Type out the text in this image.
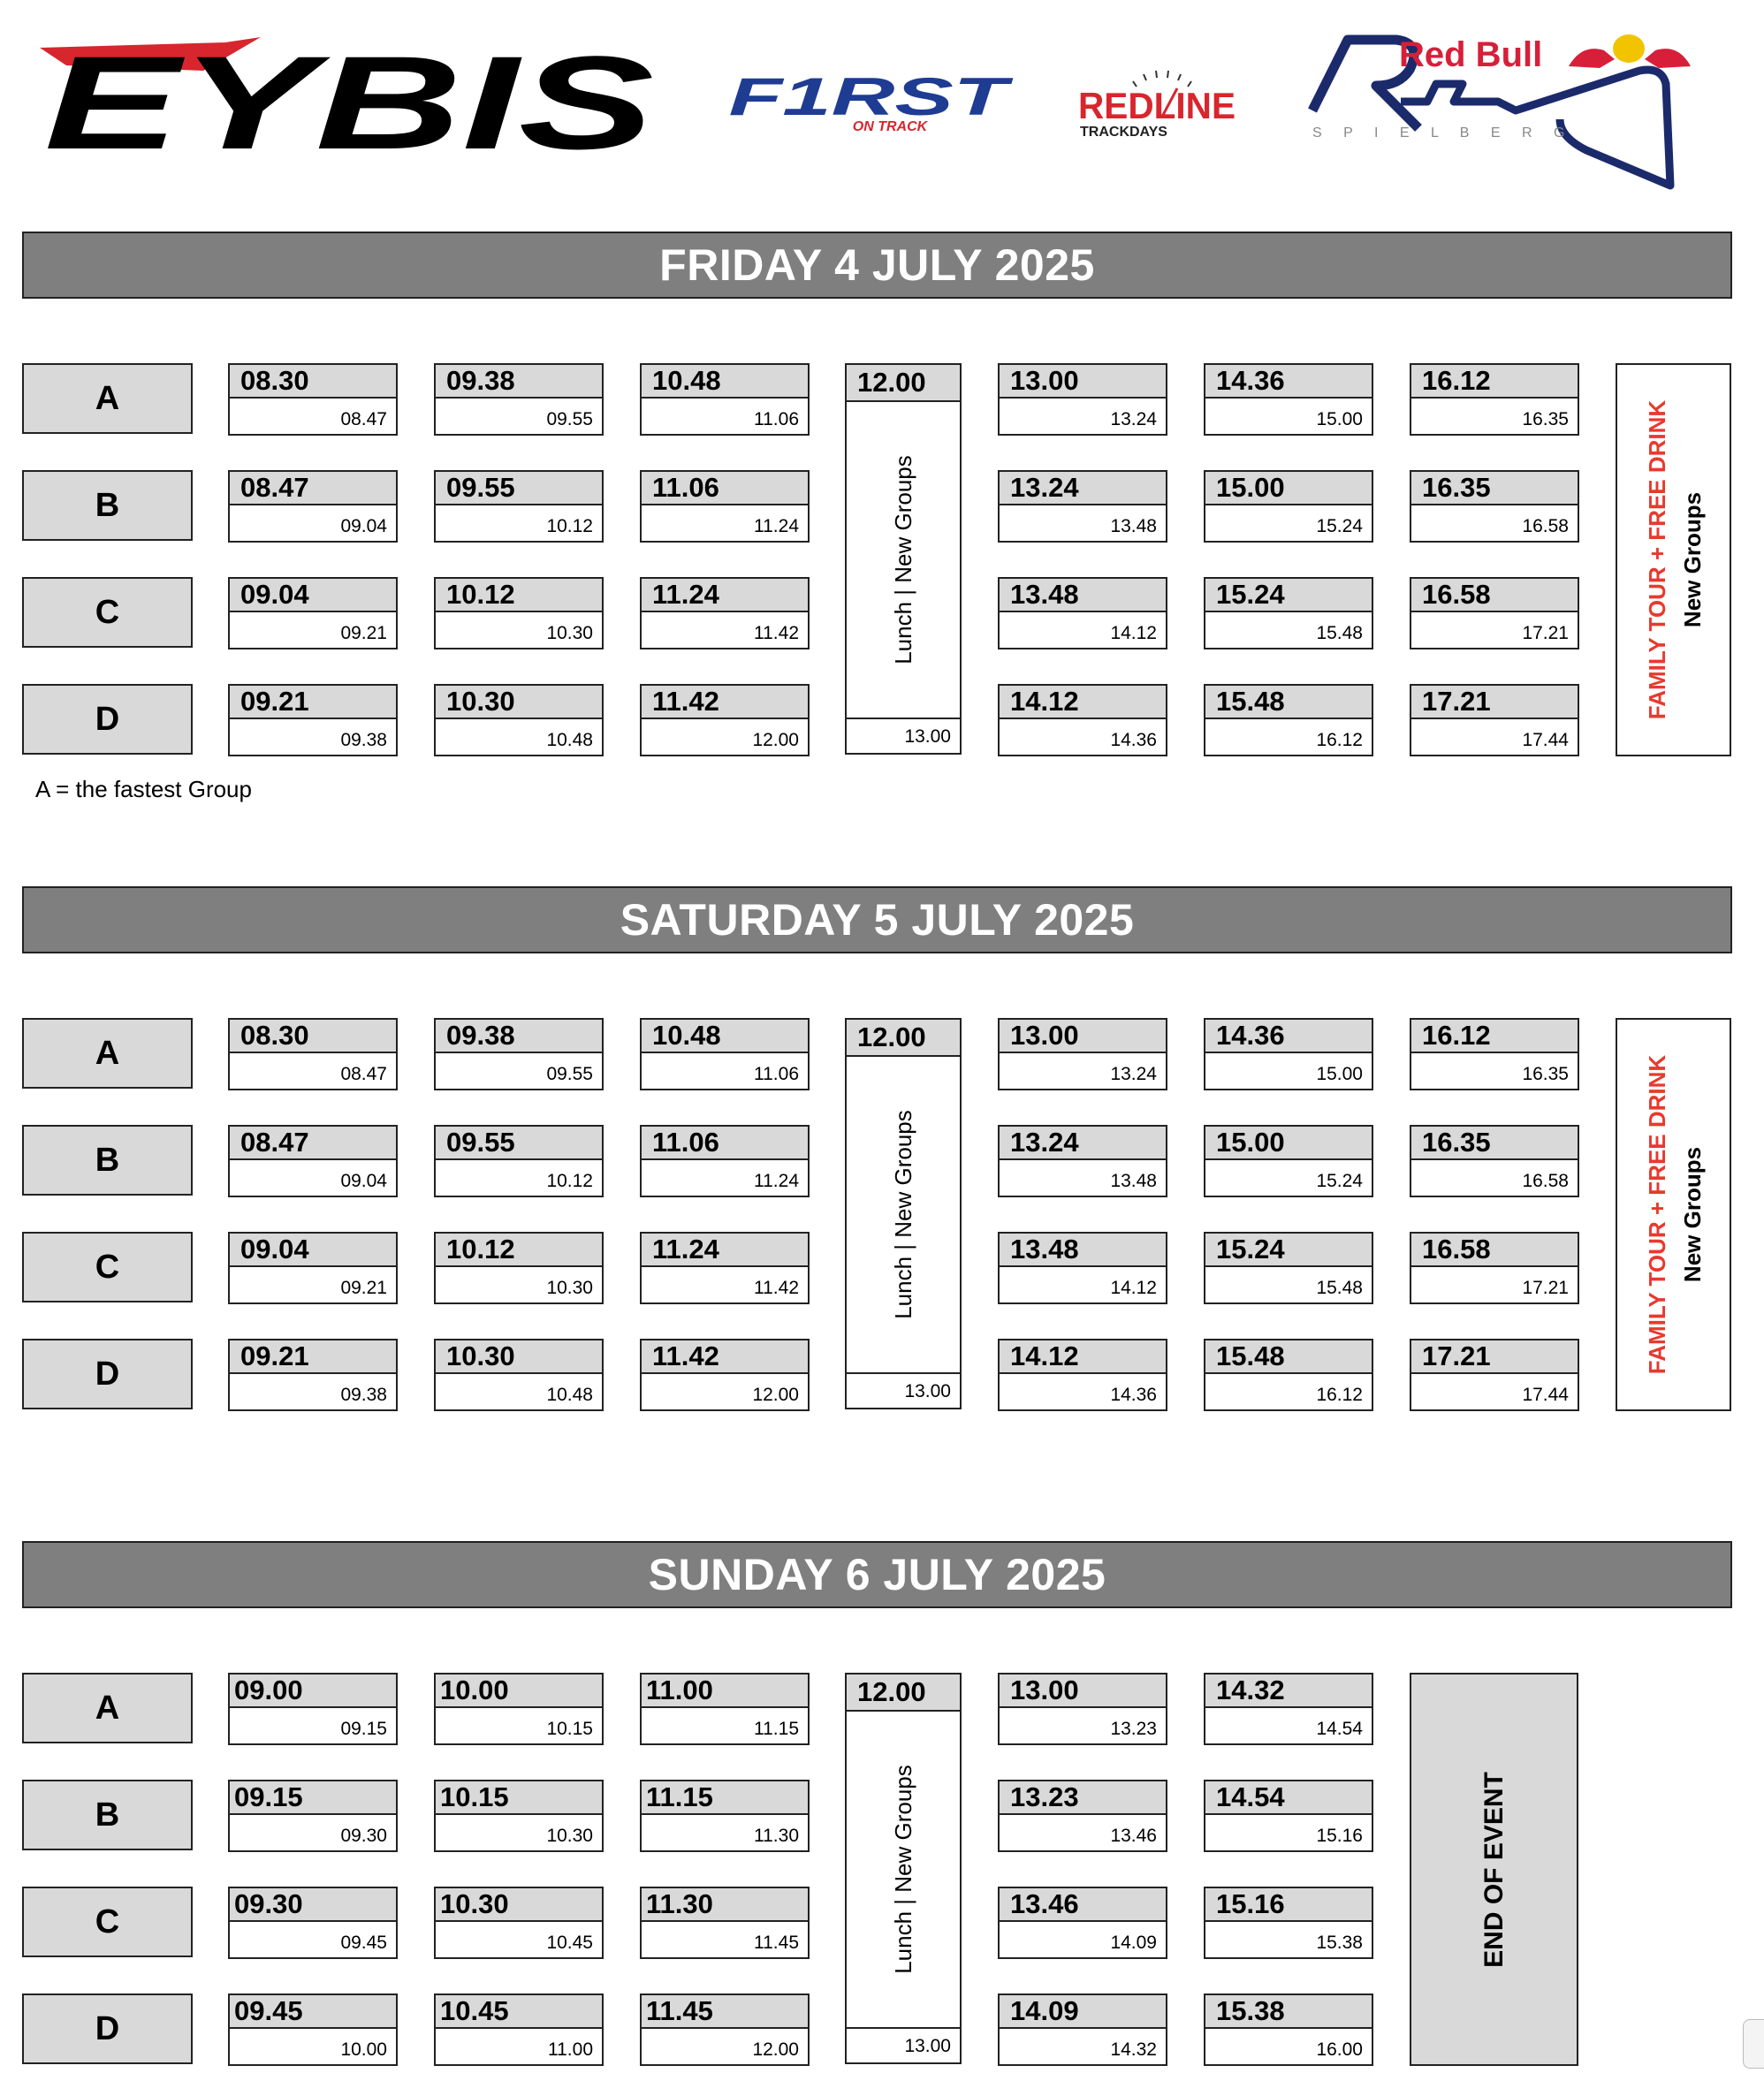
EYBIS F1RST
ON TRACK
REDLINE
TRACKDAYS
Red Bull
S P I E L B E R G
A = the fastest Group
FRIDAY 4 JULY 2025
A
B
C
D
08.30
08.47
08.47
09.04
09.04
09.21
09.21
09.38
09.38
09.55
09.55
10.12
10.12
10.30
10.30
10.48
10.48
11.06
11.06
11.24
11.24
11.42
11.42
12.00
13.00
13.24
13.24
13.48
13.48
14.12
14.12
14.36
14.36
15.00
15.00
15.24
15.24
15.48
15.48
16.12
16.12
16.35
16.35
16.58
16.58
17.21
17.21
17.44
12.00
Lunch | New Groups
13.00
FAMILY TOUR + FREE DRINK New Groups
SATURDAY 5 JULY 2025
A
B
C
D
08.30
08.47
08.47
09.04
09.04
09.21
09.21
09.38
09.38
09.55
09.55
10.12
10.12
10.30
10.30
10.48
10.48
11.06
11.06
11.24
11.24
11.42
11.42
12.00
13.00
13.24
13.24
13.48
13.48
14.12
14.12
14.36
14.36
15.00
15.00
15.24
15.24
15.48
15.48
16.12
16.12
16.35
16.35
16.58
16.58
17.21
17.21
17.44
12.00
Lunch | New Groups
13.00
FAMILY TOUR + FREE DRINK New Groups
SUNDAY 6 JULY 2025
A
B
C
D
09.00
09.15
09.15
09.30
09.30
09.45
09.45
10.00
10.00
10.15
10.15
10.30
10.30
10.45
10.45
11.00
11.00
11.15
11.15
11.30
11.30
11.45
11.45
12.00
13.00
13.23
13.23
13.46
13.46
14.09
14.09
14.32
14.32
14.54
14.54
15.16
15.16
15.38
15.38
16.00
12.00
Lunch | New Groups
13.00
END OF EVENT
